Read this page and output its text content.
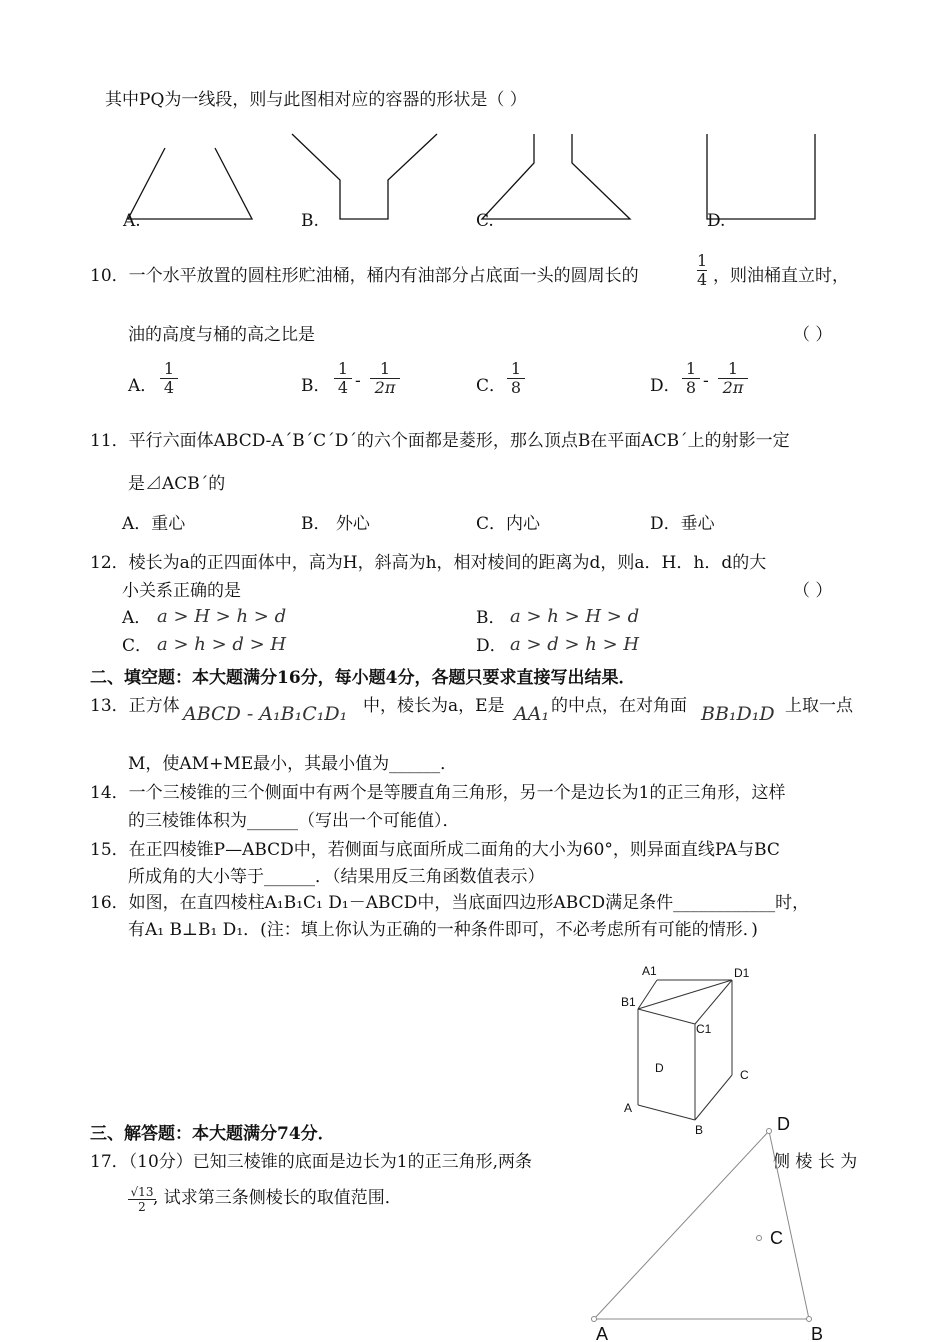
其中PQ为一线段，则与此图相对应的容器的形状是（ ）
A.	B.	C.	D.
10．一个水平放置的圆柱形贮油桶，桶内有油部分占底面一头的圆周长的	$\frac{1}{4}$ ，则油桶直立时，
油的高度与桶的高之比是	（ ）
A． $\frac{1}{4}$	B． $\frac{1}{4} - \frac{1}{2\pi}$	C． $\frac{1}{8}$	D． $\frac{1}{8} - \frac{1}{2\pi}$
11．平行六面体ABCD-A´B´C´D´的六个面都是菱形，那么顶点B在平面ACB´上的射影一定
是⊿ACB´的
A．重心	B． 外心	C．内心	D．垂心
12．棱长为a的正四面体中，高为H，斜高为h，相对棱间的距离为d，则a．H．h．d的大
小关系正确的是	（ ）
A． a > H > h > d	B． a > h > H > d
C． a > h > d > H	D． a > d > h > H
二、填空题：本大题满分16分，每小题4分，各题只要求直接写出结果．
13．正方体 ABCD - A₁B₁C₁D₁ 中，棱长为a，E是 AA₁ 的中点，在对角面 BB₁D₁D 上取一点
M，使AM+ME最小，其最小值为______．
14．一个三棱锥的三个侧面中有两个是等腰直角三角形，另一个是边长为1的正三角形，这样
的三棱锥体积为______（写出一个可能值）．
15．在正四棱锥P—ABCD中，若侧面与底面所成二面角的大小为60°，则异面直线PA与BC
所成角的大小等于______．（结果用反三角函数值表示）
16．如图，在直四棱柱A₁B₁C₁ D₁－ABCD中，当底面四边形ABCD满足条件____________时，
有A₁ B⊥B₁ D₁．(注：填上你认为正确的一种条件即可，不必考虑所有可能的情形．)
A1	D1
B1
C1
D	C
A
B
三、解答题：本大题满分74分．
17．（10分）已知三棱锥的底面是边长为1的正三角形,两条	侧 棱 长 为
$\frac{√13}{2}$
, 试求第三条侧棱长的取值范围．
D
C
A	B
